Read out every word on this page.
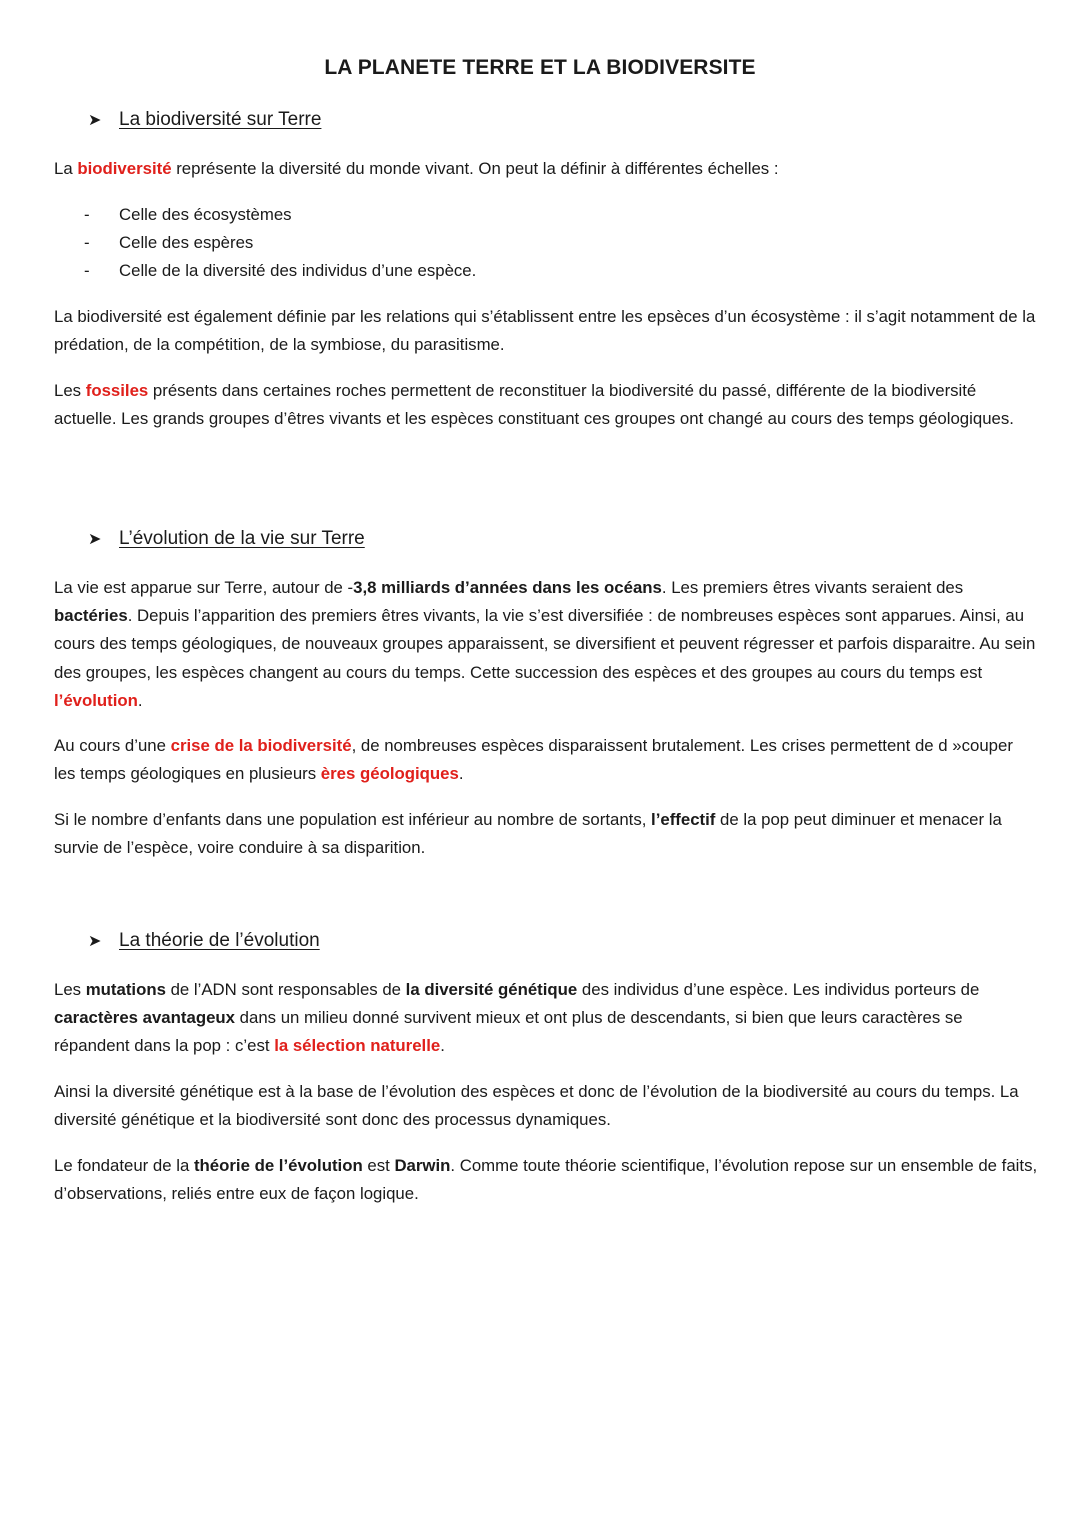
LA PLANETE TERRE ET LA BIODIVERSITE
➤ La biodiversité sur Terre
La biodiversité représente la diversité du monde vivant. On peut la définir à différentes échelles :
-	Celle des écosystèmes
-	Celle des espères
-	Celle de la diversité des individus d’une espèce.
La biodiversité est également définie par les relations qui s’établissent entre les epsèces d’un écosystème : il s’agit notamment de la prédation, de la compétition, de la symbiose, du parasitisme.
Les fossiles présents dans certaines roches permettent de reconstituer la biodiversité du passé, différente de la biodiversité actuelle. Les grands groupes d’êtres vivants et les espèces constituant ces groupes ont changé au cours des temps géologiques.
➤ L’évolution de la vie sur Terre
La vie est apparue sur Terre, autour de -3,8 milliards d’années dans les océans. Les premiers êtres vivants seraient des bactéries. Depuis l’apparition des premiers êtres vivants, la vie s’est diversifiée : de nombreuses espèces sont apparues. Ainsi, au cours des temps géologiques, de nouveaux groupes apparaissent, se diversifient et peuvent régresser et parfois disparaitre. Au sein des groupes, les espèces changent au cours du temps. Cette succession des espèces et des groupes au cours du temps est l’évolution.
Au cours d’une crise de la biodiversité, de nombreuses espèces disparaissent brutalement. Les crises permettent de d »couper les temps géologiques en plusieurs ères géologiques.
Si le nombre d’enfants dans une population est inférieur au nombre de sortants, l’effectif de la pop peut diminuer et menacer la survie de l’espèce, voire conduire à sa disparition.
➤ La théorie de l’évolution
Les mutations de l’ADN sont responsables de la diversité génétique des individus d’une espèce. Les individus porteurs de caractères avantageux dans un milieu donné survivent mieux et ont plus de descendants, si bien que leurs caractères se répandent dans la pop : c’est la sélection naturelle.
Ainsi la diversité génétique est à la base de l’évolution des espèces et donc de l’évolution de la biodiversité au cours du temps. La diversité génétique et la biodiversité sont donc des processus dynamiques.
Le fondateur de la théorie de l’évolution est Darwin. Comme toute théorie scientifique, l’évolution repose sur un ensemble de faits, d’observations, reliés entre eux de façon logique.
